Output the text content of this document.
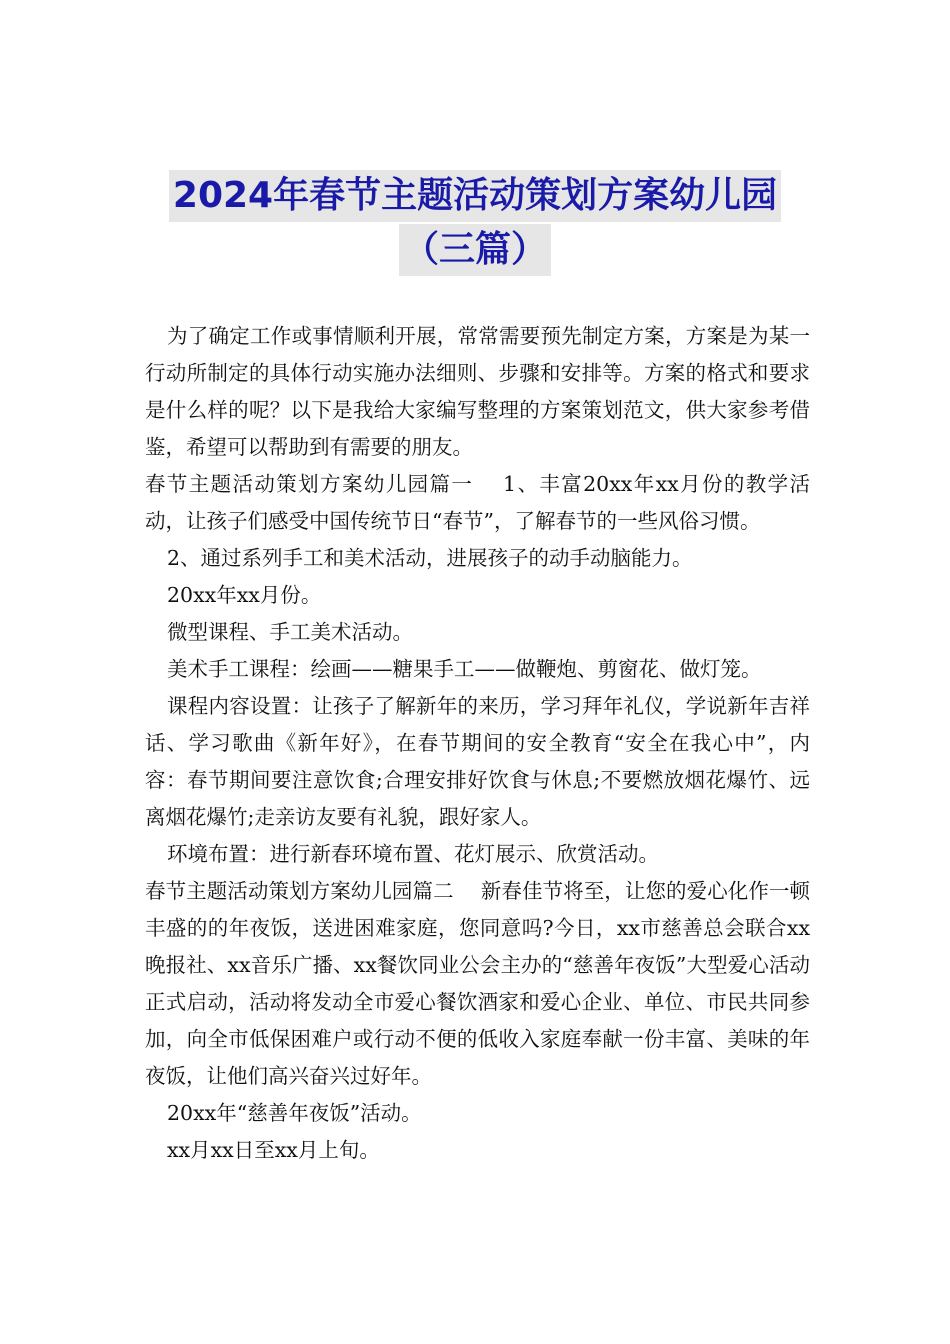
2024年春节主题活动策划方案幼儿园
（三篇）

为了确定工作或事情顺利开展，常常需要预先制定方案，方案是为某一行动所制定的具体行动实施办法细则、步骤和安排等。方案的格式和要求是什么样的呢？以下是我给大家编写整理的方案策划范文，供大家参考借鉴，希望可以帮助到有需要的朋友。

春节主题活动策划方案幼儿园篇一　 1、丰富20xx年xx月份的教学活动，让孩子们感受中国传统节日“春节”，了解春节的一些风俗习惯。

2、通过系列手工和美术活动，进展孩子的动手动脑能力。

20xx年xx月份。

微型课程、手工美术活动。

美术手工课程：绘画——糖果手工——做鞭炮、剪窗花、做灯笼。

课程内容设置：让孩子了解新年的来历，学习拜年礼仪，学说新年吉祥话、学习歌曲《新年好》，在春节期间的安全教育“安全在我心中”，内容：春节期间要注意饮食;合理安排好饮食与休息;不要燃放烟花爆竹、远离烟花爆竹;走亲访友要有礼貌，跟好家人。

环境布置：进行新春环境布置、花灯展示、欣赏活动。

春节主题活动策划方案幼儿园篇二　 新春佳节将至，让您的爱心化作一顿丰盛的的年夜饭，送进困难家庭，您同意吗?今日，xx市慈善总会联合xx晚报社、xx音乐广播、xx餐饮同业公会主办的“慈善年夜饭”大型爱心活动正式启动，活动将发动全市爱心餐饮酒家和爱心企业、单位、市民共同参加，向全市低保困难户或行动不便的低收入家庭奉献一份丰富、美味的年夜饭，让他们高兴奋兴过好年。

20xx年“慈善年夜饭”活动。

xx月xx日至xx月上旬。
